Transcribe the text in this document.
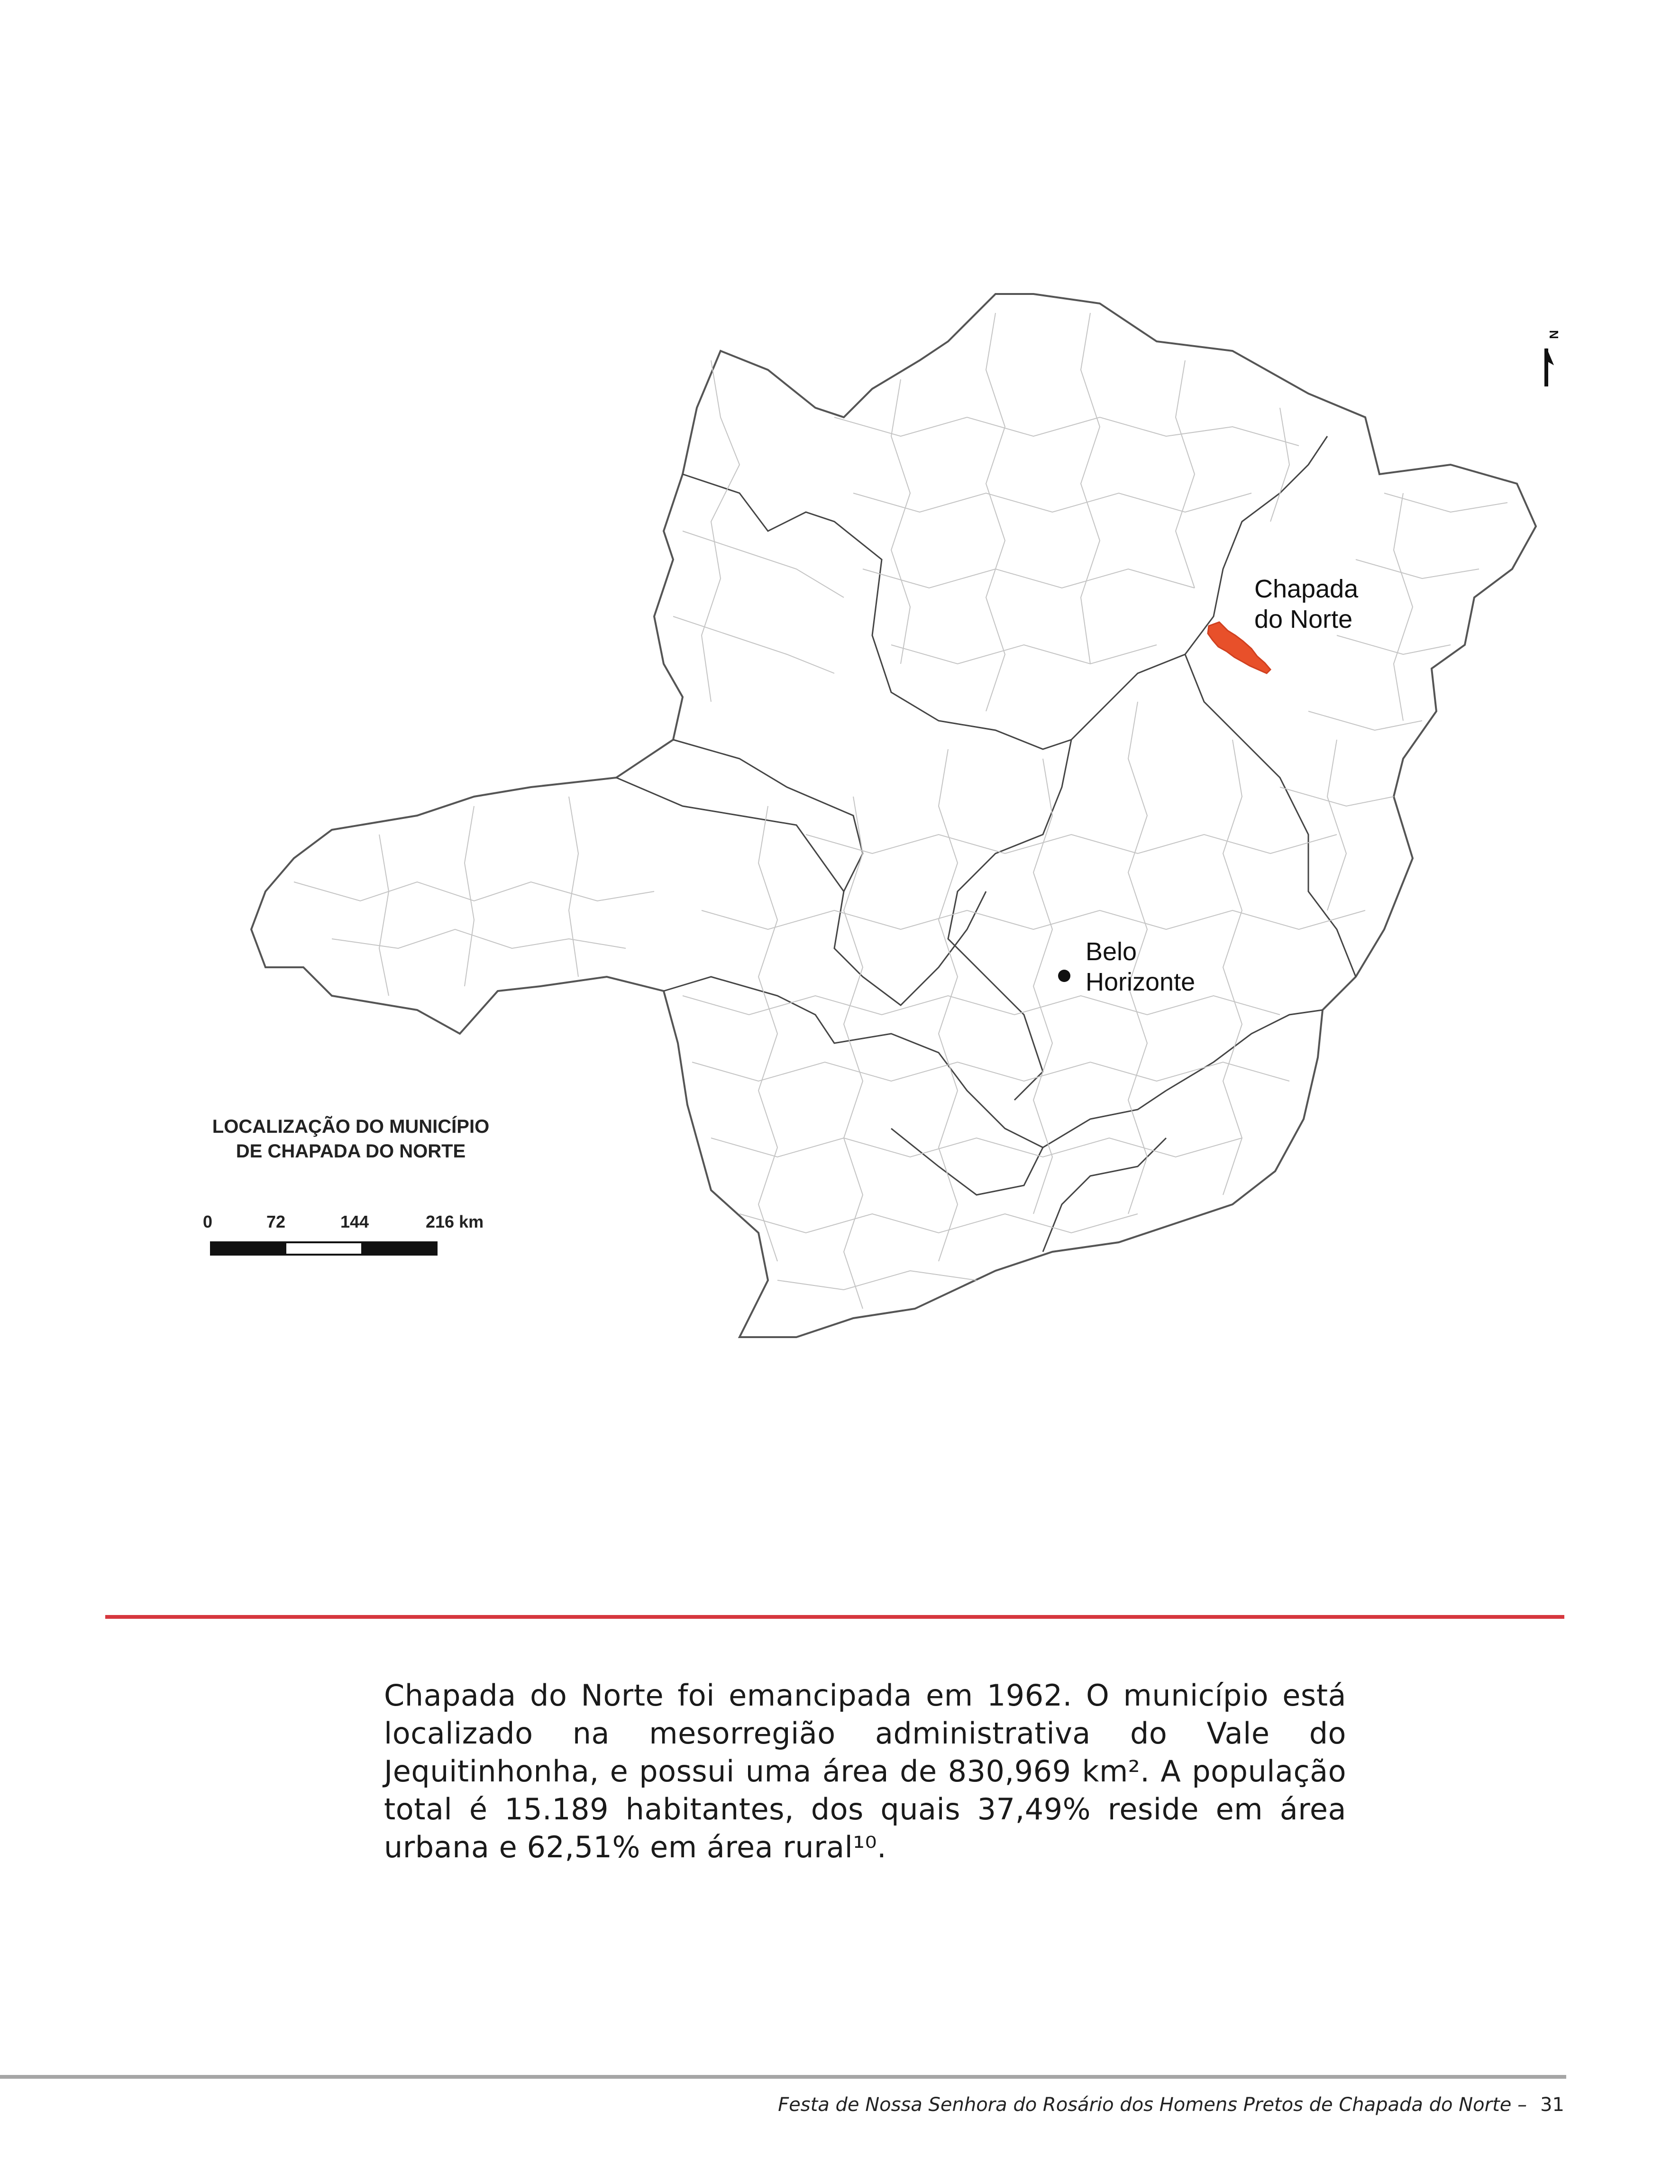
N
Chapada
do Norte
Belo
Horizonte
LOCALIZAÇÃO DO MUNICÍPIO
DE CHAPADA DO NORTE
0	72	144	216 km

Chapada do Norte foi emancipada em 1962. O município está localizado na mesorregião administrativa do Vale do Jequitinhonha, e possui uma área de 830,969 km². A população total é 15.189 habitantes, dos quais 37,49% reside em área urbana e 62,51% em área rural¹⁰.

Festa de Nossa Senhora do Rosário dos Homens Pretos de Chapada do Norte – 31
